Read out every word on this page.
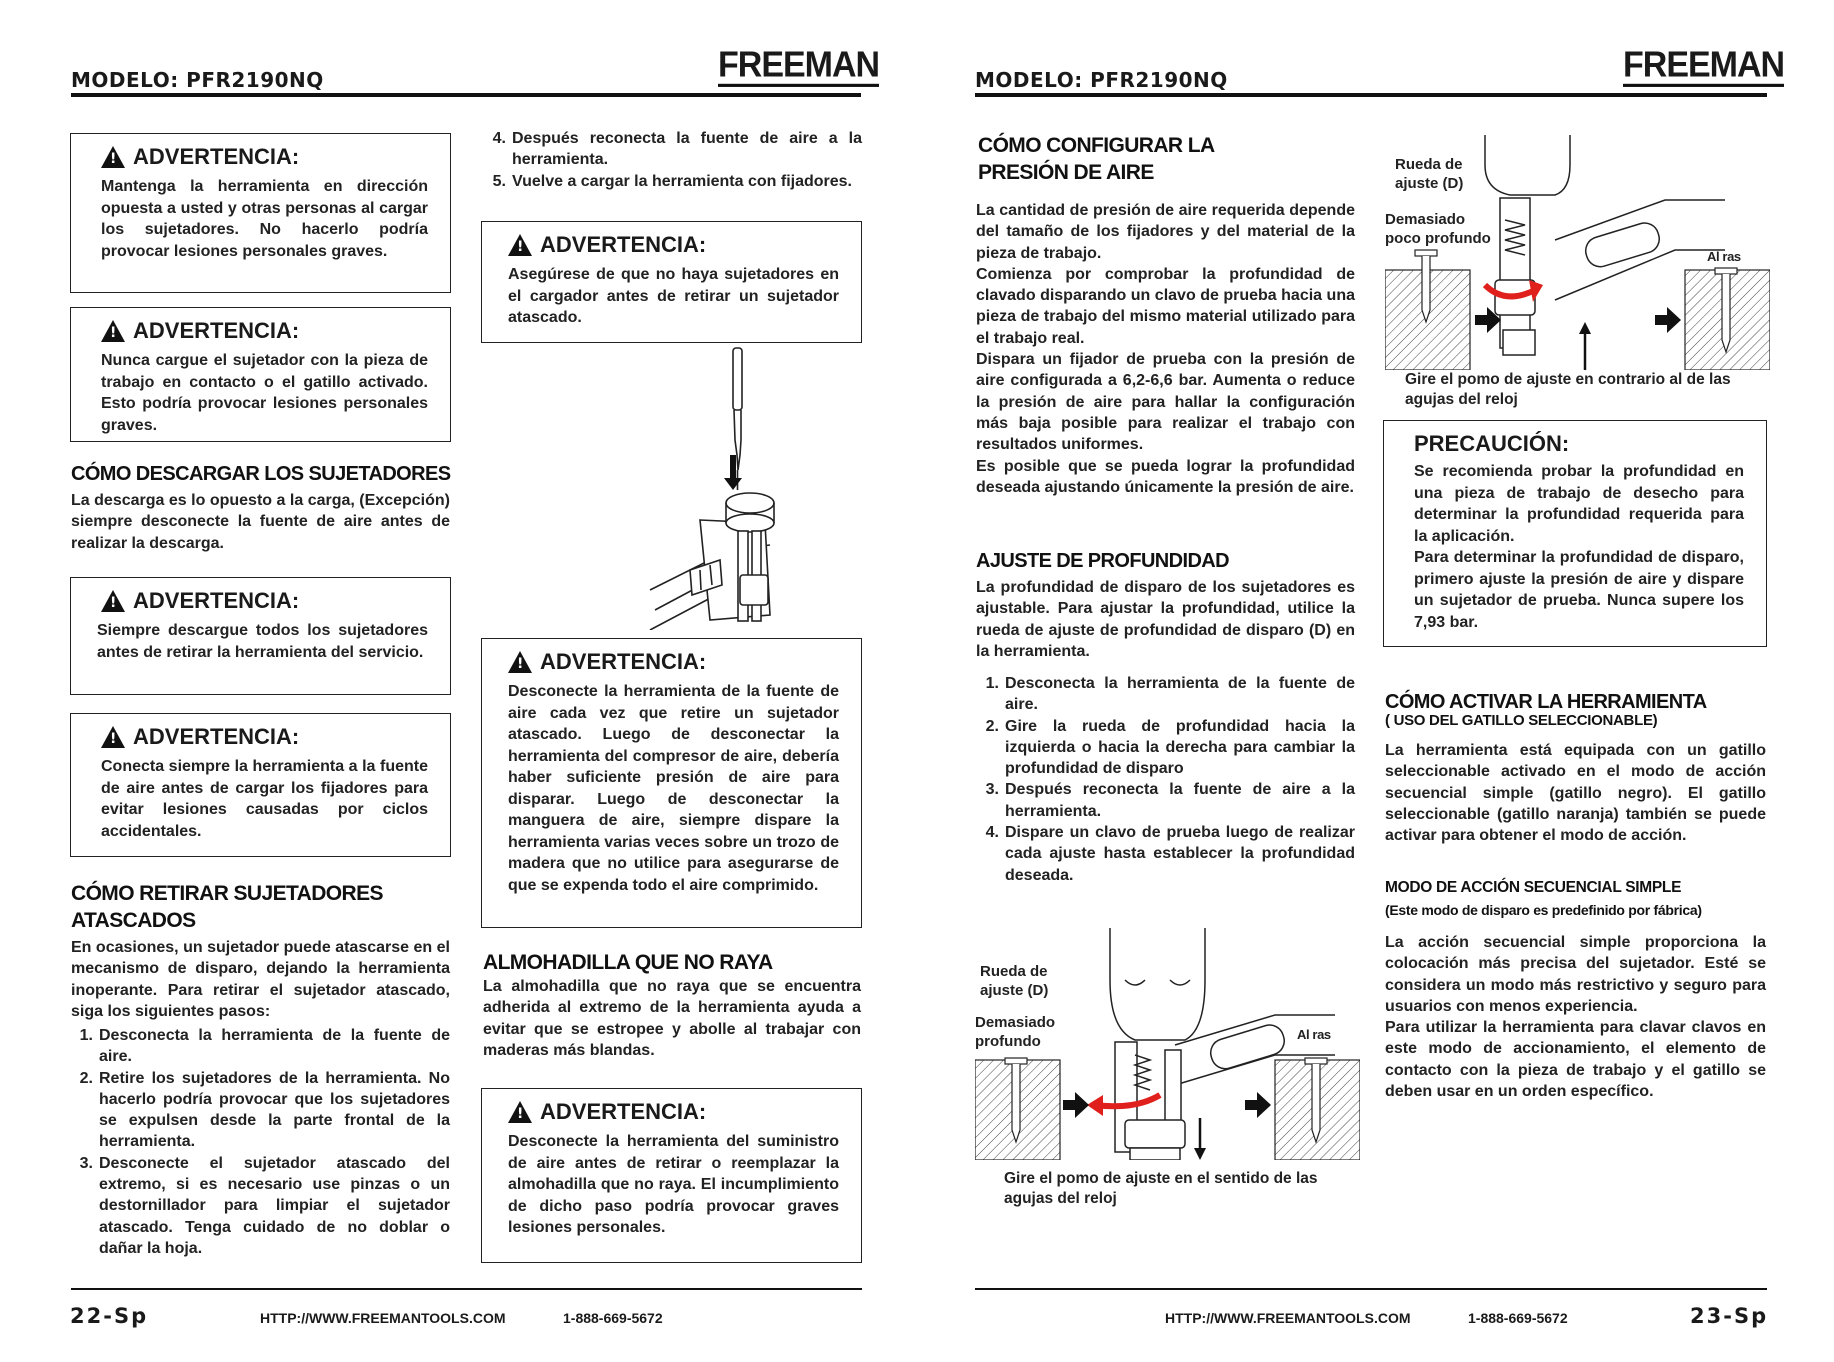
MODELO: PFR2190NQ	FREEMAN
!
ADVERTENCIA:
Mantenga la herramienta en dirección opuesta a usted y otras personas al cargar los sujetadores. No hacerlo podría provocar lesiones personales graves.
!
ADVERTENCIA:
Nunca cargue el sujetador con la pieza de trabajo en contacto o el gatillo activado. Esto podría provocar lesiones personales graves.
CÓMO DESCARGAR LOS SUJETADORES
La descarga es lo opuesto a la carga, (Excepción) siempre desconecte la fuente de aire antes de realizar la descarga.
!
ADVERTENCIA:
Siempre descargue todos los sujetadores antes de retirar la herramienta del servicio.
!
ADVERTENCIA:
Conecta siempre la herramienta a la fuente de aire antes de cargar los fijadores para evitar lesiones causadas por ciclos accidentales.
CÓMO RETIRAR SUJETADORES
ATASCADOS
En ocasiones, un sujetador puede atascarse en el mecanismo de disparo, dejando la herramienta inoperante. Para retirar el sujetador atascado, siga los siguientes pasos:
1. Desconecta la herramienta de la fuente de aire.
2. Retire los sujetadores de la herramienta. No hacerlo podría provocar que los sujetadores se expulsen desde la parte frontal de la herramienta.
3. Desconecte el sujetador atascado del extremo, si es necesario use pinzas o un destornillador para limpiar el sujetador atascado. Tenga cuidado de no doblar o dañar la hoja.
4. Después reconecta la fuente de aire a la herramienta.
5. Vuelve a cargar la herramienta con fijadores.
!
ADVERTENCIA:
Asegúrese de que no haya sujetadores en el cargador antes de retirar un sujetador atascado.
!
ADVERTENCIA:
Desconecte la herramienta de la fuente de aire cada vez que retire un sujetador atascado. Luego de desconectar la herramienta del compresor de aire, debería haber suficiente presión de aire para disparar. Luego de desconectar la manguera de aire, siempre dispare la herramienta varias veces sobre un trozo de madera que no utilice para asegurarse de que se expenda todo el aire comprimido.
ALMOHADILLA QUE NO RAYA
La almohadilla que no raya que se encuentra adherida al extremo de la herramienta ayuda a evitar que se estropee y abolle al trabajar con maderas más blandas.
!
ADVERTENCIA:
Desconecte la herramienta del suministro de aire antes de retirar o reemplazar la almohadilla que no raya. El incumplimiento de dicho paso podría provocar graves lesiones personales.
22-Sp	HTTP://WWW.FREEMANTOOLS.COM	1-888-669-5672
MODELO: PFR2190NQ	FREEMAN
CÓMO CONFIGURAR LA
PRESIÓN DE AIRE
La cantidad de presión de aire requerida depende del tamaño de los fijadores y del material de la pieza de trabajo.
Comienza por comprobar la profundidad de clavado disparando un clavo de prueba hacia una pieza de trabajo del mismo material utilizado para el trabajo real.
Dispara un fijador de prueba con la presión de aire configurada a 6,2-6,6 bar. Aumenta o reduce la presión de aire para hallar la configuración más baja posible para realizar el trabajo con resultados uniformes.
Es posible que se pueda lograr la profundidad deseada ajustando únicamente la presión de aire.
AJUSTE DE PROFUNDIDAD
La profundidad de disparo de los sujetadores es ajustable. Para ajustar la profundidad, utilice la rueda de ajuste de profundidad de disparo (D) en la herramienta.
1. Desconecta la herramienta de la fuente de aire.
2. Gire la rueda de profundidad hacia la izquierda o hacia la derecha para cambiar la profundidad de disparo
3. Después reconecta la fuente de aire a la herramienta.
4. Dispare un clavo de prueba luego de realizar cada ajuste hasta establecer la profundidad deseada.
Rueda de
ajuste (D)
Demasiado
profundo	Al ras
Gire el pomo de ajuste en el sentido de las agujas del reloj
Rueda de
ajuste (D)
Demasiado
poco profundo
Al ras
Gire el pomo de ajuste en contrario al de las agujas del reloj
PRECAUCIÓN:
Se recomienda probar la profundidad en una pieza de trabajo de desecho para determinar la profundidad requerida para la aplicación.
Para determinar la profundidad de disparo, primero ajuste la presión de aire y dispare un sujetador de prueba. Nunca supere los 7,93 bar.
CÓMO ACTIVAR LA HERRAMIENTA
( USO DEL GATILLO SELECCIONABLE)
La herramienta está equipada con un gatillo seleccionable activado en el modo de acción secuencial simple (gatillo negro). El gatillo seleccionable (gatillo naranja) también se puede activar para obtener el modo de acción.
MODO DE ACCIÓN SECUENCIAL SIMPLE
(Este modo de disparo es predefinido por fábrica)
La acción secuencial simple proporciona la colocación más precisa del sujetador. Esté se considera un modo más restrictivo y seguro para usuarios con menos experiencia.
Para utilizar la herramienta para clavar clavos en este modo de accionamiento, el elemento de contacto con la pieza de trabajo y el gatillo se deben usar en un orden específico.
HTTP://WWW.FREEMANTOOLS.COM	1-888-669-5672	23-Sp
